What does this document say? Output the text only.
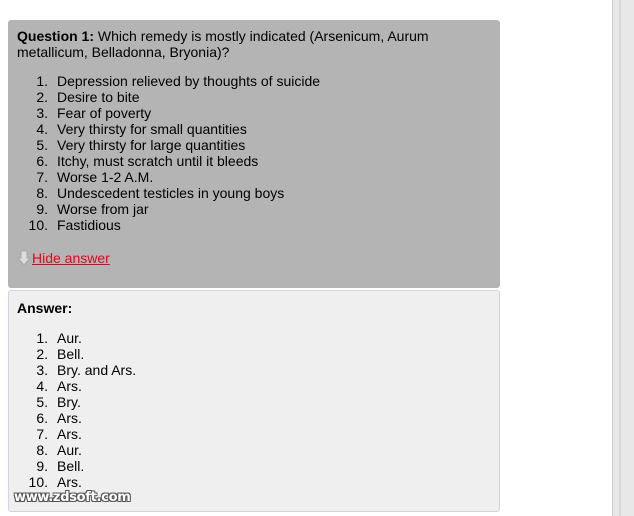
Question 1: Which remedy is mostly indicated (Arsenicum, Aurum metallicum, Belladonna, Bryonia)?

1. Depression relieved by thoughts of suicide
2. Desire to bite
3. Fear of poverty
4. Very thirsty for small quantities
5. Very thirsty for large quantities
6. Itchy, must scratch until it bleeds
7. Worse 1-2 A.M.
8. Undescedent testicles in young boys
9. Worse from jar
10. Fastidious
Hide answer

Answer:

1. Aur.
2. Bell.
3. Bry. and Ars.
4. Ars.
5. Bry.
6. Ars.
7. Ars.
8. Aur.
9. Bell.
10. Ars.
www.zdsoft.com
